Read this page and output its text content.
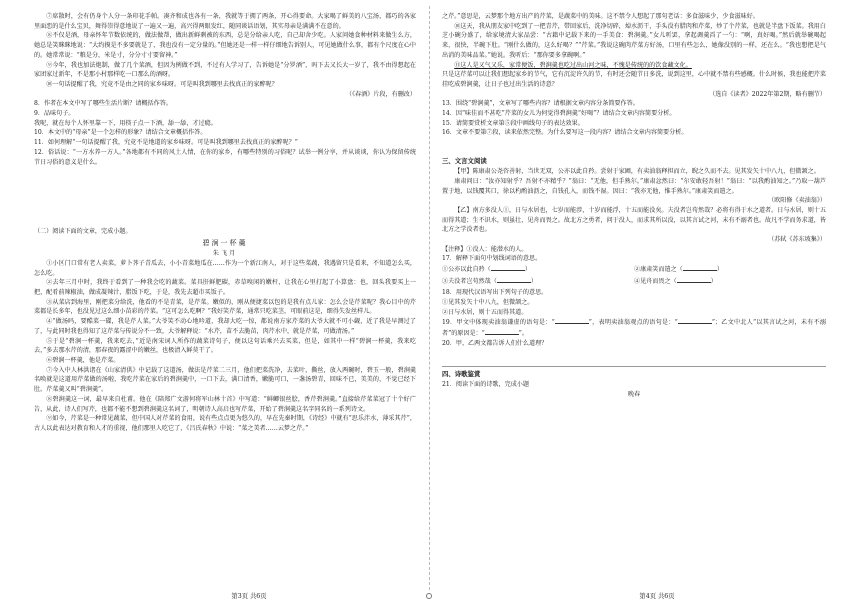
⑦席散时，会有仍身个人分一条印花手帕。凑齐和成也各有一条，我就等于拥了两条，开心得要命。大家喝了鲜美的八宝汤，都巧的各家里面恋的是什么宝贝，舞得崇得意地说了一遍又一遍，高兴得两眼发红，随同谈话语划，其实母亲是满满不在意的。

⑧不仅是酒，母亲怀年节数依统的，做法做帮，做出新鲜剩被的东西，总是分给亲人吃，自己却舍少吃。人家问她食种材料来做生么方，她总是笑眯眯地说：“大约摸是不多要就是了，我也没有一定分量的。”但她还是一样一样仔细地告诉别人，可见她做什么事，都有个尺度在心中的。她常常说：“粮是分，米是寸，分分寸寸要留神。”

⑨今年，我也加法炮制，做了几个菜酒，但因为例做不到，不过有人学习了，告诉她是“分罗酒”，吗下去又长大一岁了，我不由得想起在家团家过新年，不是那小村那样吃一口那么的酒呀。

⑩一句话提醒了我，究竟不是由之同的家乡味呀。可是叫我到哪里去找真正的家醉呢？

（《春酒》片段，有删改）

8．作者在本文中写了哪些生活片断？请概括作答。

9．品味句子。

我呢，就在每个人怀里靠一下，用筷子点一下酒，舔一舔，才过瘾。

10．本文中的“母亲”是一个怎样的形象？请结合文章概括作答。

11．如何理解“一句话提醒了我，究竟不是地道的家乡味呀。可是叫我到哪里去找真正的家醉呢？”

12．俗话说：“一方水养一方人。”各地都有不同的风土人情，在你的家乡，有哪些特别的习俗呢？试举一例分享，并从谈谈，你认为保留传统节日习俗的意义是什么。

（二）阅读下面的文章，完成小题。

碧涧一杯羹

朱飞月

①小区门口常有老人卖菜，萝卜荠子青瓜去，小小青菜地瓜在……作为一个新江南人，对于这些菜蔬，我遇留只是看来，不知道怎么买，怎么吃。

②去年三月中时，我终于看到了一种我会吃的蔬菜。菜具肝鲜肥碳，赤草嗅闲的嫩杆，让我在心里打起了小算盘：也，回头我要买上一把，配肴前辣椒油，做成凝辣汁，腊饭下吃，于是，我先去超市买饭子。

③从菜店到海里，刚把菜分给洗，他看的不是青菜，是芹菜。嫩似的，刚从便捷菜以包的是我有点儿家：怎么会是芹菜呢？我心目中的芹菜都是长多年，也没见过这么细小苗彩的芹菜。“这可怎么吃啊？”我好笑芹菜，通常只吃菜茎，可眼前这是，细得失发丝样儿。

④“做汤吗，要酷菜一碟，我是芹人菜。”大爷笑不动心地吟道，我却大吃一惊，都说南方家芹菜的大爷大就不可小觑，近了我是早测过了了，与此同时我也得知了这芹菜与传说分不一致，大爷解释说：“水芹，苗不去脆苗，肉芹水中，就是芹菜，可做清汤。”

⑤于是“碧涧一杯羹，我来吃去，”近是南宋词人所作的蔬菜诗句子，便以这句话乘兴去买菜，但是，如其中一样“碧涧一杯羹，我来吃去，”多去那水芹的清，那春夜的露涩中的嫩丝，也极清入鲜莫干了。

⑥碧涧一杯羹，他是芹菜。

⑦今入中人林洪诸在《山家清供》中记载了这道汤，做法是芹菜二三月，他们把菜洗净，去菜叶，撕丝，放入两碗时，碧玉一般，碧涧羹名唤就是这道用芹菜做的汤啦，我吃芹菜在家后的碧涧羹中，一口下去，满口清香，嫩脆可口，一盏汤碧青，回味不已，美美的，不觉已经下肚。芹菜羹又叫“碧涧羹”。

⑧碧涧羹这一词，最早来自杜甫。他在《陪郑广文游何将军山林十首》中写道：“鲜鲫银丝脍，香芹碧涧羹。”直接给芹菜菜冠了十个好广告，从此，诗人们写芹，也都不能不想到碧涧羹这名词了，明朝诗人高启也写芹菜，开始了碧涧羹这名字同名的一系列诗文。

⑨如今，芹菜是一种常见蔬菜，但中国人对芹菜的食用，说有些点点更为悠久的，早在先秦时期，《诗经》中就有“思乐泮水，薄采其芹”，古人以此表达对教育和人才的重视，他们那里人吃它了，《吕氏春秋》中说：“菜之美者……云梦之芹。”

第3页 共6页

之芹。”意思是，云梦那个地方出产的芹菜，是蔬菜中的美味。这不禁令人想起了那句老话：多食滋味少，少食滋味好。

⑩这天，我从朋友家中吃到了一把青芹，带回家后，洗净切碎，焯水沥干，手头没有腊肉和芹菜，炒了个芹菜，也就是半盘下饭菜。我用白芝小碗分盛了，给家境清大家品尝：“古籍中记载下来的一手美食：碧涧羹。”女儿听罢，拿起调羹舀了一勺：“啊，真好喝。”然后就举碗喝起来，很快，半碗下肚。“刚什么做的，这么好喝？”“芹菜。”我说这碗肉芹菜方好汤，口里有些怎么，她像没别的一样，还在么。“我也想把是气出消的美味品菜。”她说。我听后：“那你要多拿碗啊。”

⑪这人是又气又乐，家常便饭，碧涧羹也吃过出山河之味，不愧是传统的的饮食藏文化。

只是这芹菜可以让我们想起家乡的节气，它有沉淀许久的节，有时还会随节日多洗，说到这里，心中就不禁有些感概。什么时候，我也能把芹菜挂吃成碧涧羹，让日子也过出生活的诗意？

（选自《读者》2022年第2期，略有删节）

13．围绕“碧涧羹”，文章写了哪些内容？请根据文章内容分条简要作答。

14．因“味佳而不甚吃”芹菜的女儿为何觉得碧涧羹“好喝”？请结合文章内容简要分析。

15．请简要赏析文章第⑤段中画线句子的表达效果。

16．文章不要第⑦段，读来依然完整。为什么要写这一段内容？请结合文章内容简要分析。

三、文言文阅读

【甲】陈康肃公尧咨善射，当世无双，公亦以此自矜。尝射于家圃，有卖油翁释担而立，睨之久而不去。见其发矢十中八九，但微颔之。

康肃问曰：“汝亦知射乎？吾射不亦精乎？”翁曰：“无他，但手熟尔。”康肃忿然曰：“尔安敢轻吾射！”翁曰：“以我酌油知之。”乃取一葫芦置于地，以钱覆其口，徐以杓酌油沥之，自钱孔入，而钱不湿。因曰：“我亦无他，惟手熟尔。”康肃笑而遣之。

（欧阳修《卖油翁》）

【乙】南方多没人①，日与水居也，七岁而能涉，十岁而能浮，十五而能没矣。夫没者岂苟然哉？必将有得于水之道者。日与水居，则十五而得其道；生不识水，则虽壮，见舟而畏之。故北方之勇者，问于没人，而求其所以没，以其言试之河，未有不溺者也。故凡不学而务求道，皆北方之学没者也。

（苏轼《苏东坡集》）

【注释】①没人：能潜水的人。

17．解释下面句中划线词语的意思。

①公亦以此自矜（	）	②康肃笑而遣之（	）
③夫没者岂苟然哉（	）	④见舟而畏之（	）

18．用现代汉语写出下列句子的意思。

①见其发矢十中八九，但微颔之。

②日与水居，则十五而得其道。

19．甲文中体现卖油翁谦虚的语句是：“	”，表明卖油翁观点的语句是：“	”；乙文中北人“以其言试之河，未有不溺者”的原因是：“	”。

20．甲、乙两文都告诉人们什么道理？

四、诗歌鉴赏

21．阅读下面的诗歌，完成小题

晚春

第4页 共6页
